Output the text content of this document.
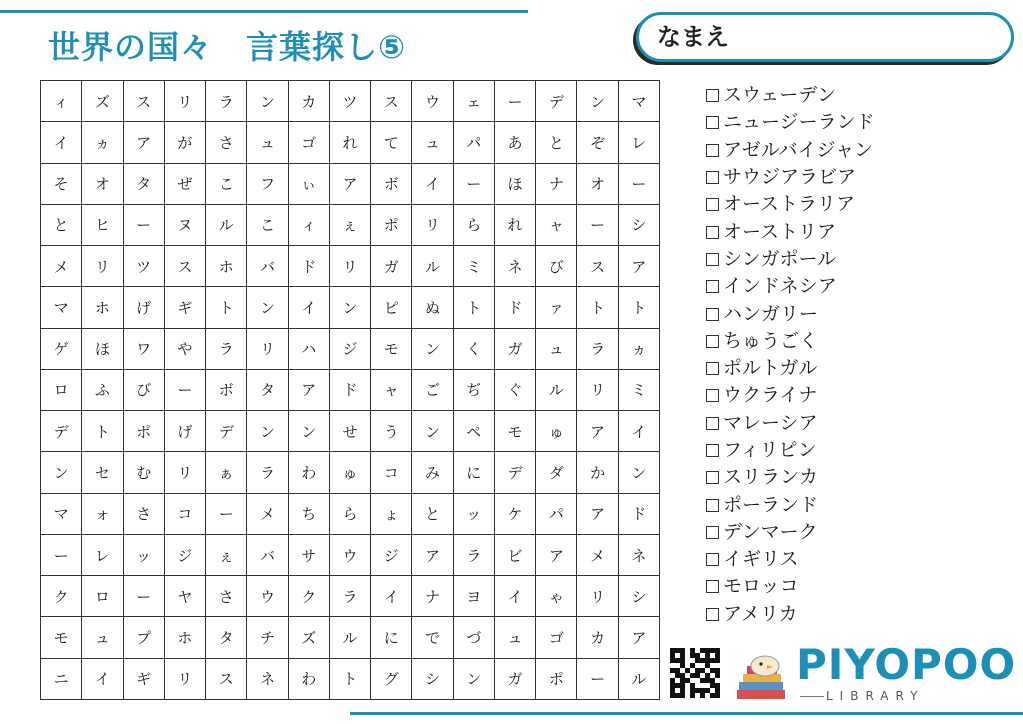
世界の国々　言葉探し⑤	なまえ
ィ	ズ	ス	リ	ラ	ン	カ	ツ	ス	ウ	ェ	ー	デ	ン	マ
イ	ヵ	ア	が	さ	ュ	ゴ	れ	て	ュ	パ	あ	と	ぞ	レ
そ	オ	タ	ぜ	こ	フ	ぃ	ア	ボ	イ	ー	ほ	ナ	オ	ー
と	ヒ	ー	ヌ	ル	こ	ィ	ぇ	ポ	リ	ら	れ	ャ	ー	シ
メ	リ	ツ	ス	ホ	バ	ド	リ	ガ	ル	ミ	ネ	び	ス	ア
マ	ホ	げ	ギ	ト	ン	イ	ン	ピ	ぬ	ト	ド	ァ	ト	ト
ゲ	ほ	ワ	や	ラ	リ	ハ	ジ	モ	ン	く	ガ	ュ	ラ	ヵ
ロ	ふ	び	ー	ボ	タ	ア	ド	ャ	ご	ぢ	ぐ	ル	リ	ミ
デ	ト	ポ	げ	デ	ン	ン	せ	う	ン	ペ	モ	ゅ	ア	イ
ン	セ	む	リ	ぁ	ラ	わ	ゅ	コ	み	に	デ	ダ	か	ン
マ	ォ	さ	コ	ー	メ	ち	ら	ょ	と	ッ	ケ	パ	ア	ド
ー	レ	ッ	ジ	ぇ	バ	サ	ウ	ジ	ア	ラ	ビ	ア	メ	ネ
ク	ロ	ー	ヤ	さ	ウ	ク	ラ	イ	ナ	ヨ	イ	ゃ	リ	シ
モ	ュ	プ	ホ	タ	チ	ズ	ル	に	で	づ	ュ	ゴ	カ	ア
ニ	イ	ギ	リ	ス	ネ	わ	ト	グ	シ	ン	ガ	ポ	ー	ル
スウェーデン
ニュージーランド
アゼルバイジャン
サウジアラビア
オーストラリア
オーストリア
シンガポール
インドネシア
ハンガリー
ちゅうごく
ポルトガル
ウクライナ
マレーシア
フィリピン
スリランカ
ポーランド
デンマーク
イギリス
モロッコ
アメリカ
PIYOPOO
LIBRARY
